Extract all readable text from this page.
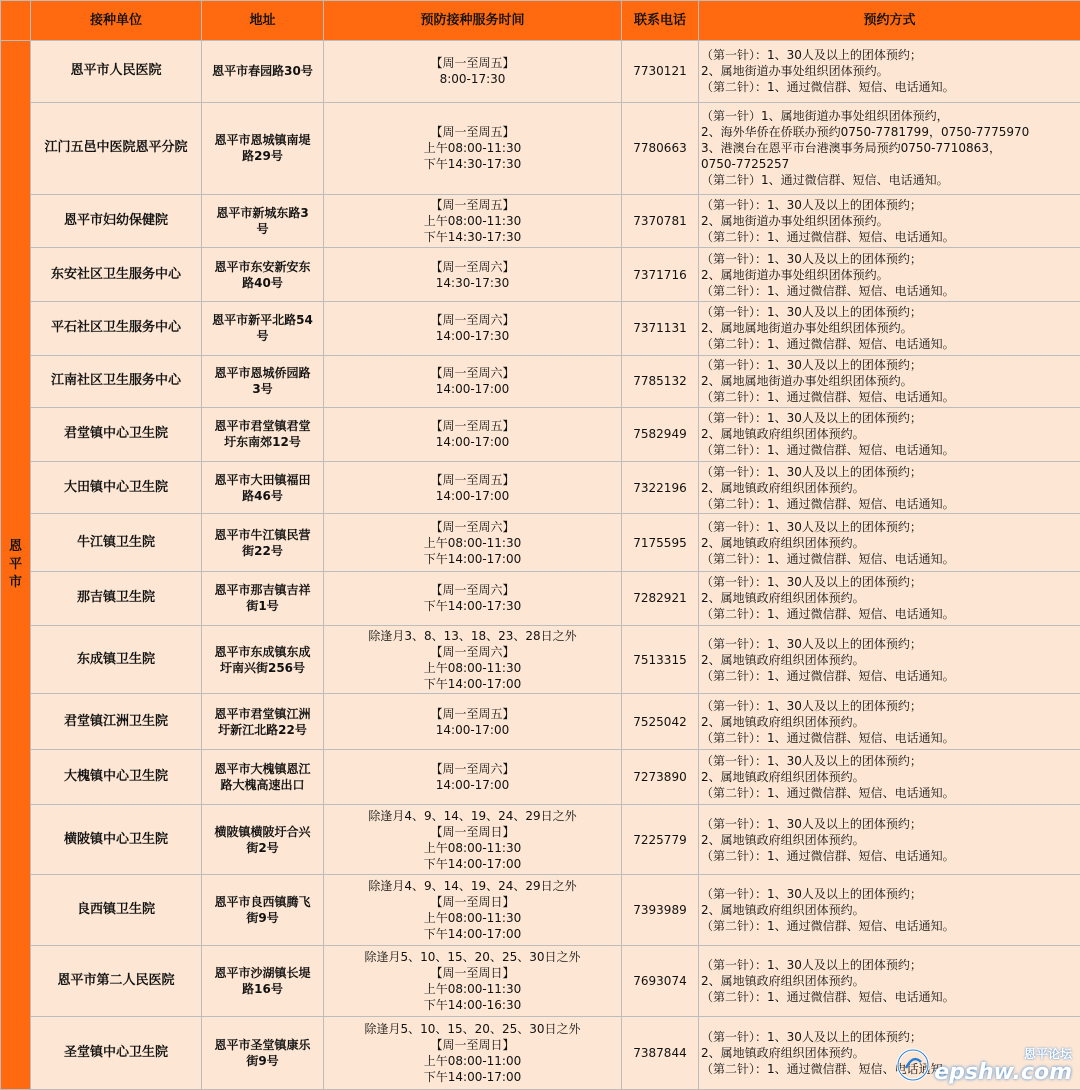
	接种单位	地址	预防接种服务时间	联系电话	预约方式
恩平市	恩平市人民医院	恩平市春园路30号	【周一至周五】
8:00-17:30	7730121	（第一针）：1、30人及以上的团体预约；
2、属地街道办事处组织团体预约。
（第二针）：1、通过微信群、短信、电话通知。

	江门五邑中医院恩平分院	恩平市恩城镇南堤
路29号	【周一至周五】
上午08:00-11:30
下午14:30-17:30	7780663	（第一针）1、属地街道办事处组织团体预约，
2、海外华侨在侨联办预约0750-7781799，0750-7775970
3、港澳台在恩平市台港澳事务局预约0750-7710863，
0750-7725257
（第二针）1、通过微信群、短信、电话通知。

	恩平市妇幼保健院	恩平市新城东路3
号	【周一至周五】
上午08:00-11:30
下午14:30-17:30	7370781	（第一针）：1、30人及以上的团体预约；
2、属地街道办事处组织团体预约。
（第二针）：1、通过微信群、短信、电话通知。

	东安社区卫生服务中心	恩平市东安新安东
路40号	【周一至周六】
14:30-17:30	7371716	（第一针）：1、30人及以上的团体预约；
2、属地街道办事处组织团体预约。
（第二针）：1、通过微信群、短信、电话通知。

	平石社区卫生服务中心	恩平市新平北路54
号	【周一至周六】
14:00-17:30	7371131	（第一针）：1、30人及以上的团体预约；
2、属地属地街道办事处组织团体预约。
（第二针）：1、通过微信群、短信、电话通知。

	江南社区卫生服务中心	恩平市恩城侨园路
3号	【周一至周六】
14:00-17:00	7785132	（第一针）：1、30人及以上的团体预约；
2、属地属地街道办事处组织团体预约。
（第二针）：1、通过微信群、短信、电话通知。

	君堂镇中心卫生院	恩平市君堂镇君堂
圩东南郊12号	【周一至周五】
14:00-17:00	7582949	（第一针）：1、30人及以上的团体预约；
2、属地镇政府组织团体预约。
（第二针）：1、通过微信群、短信、电话通知。

	大田镇中心卫生院	恩平市大田镇福田
路46号	【周一至周五】
14:00-17:00	7322196	（第一针）：1、30人及以上的团体预约；
2、属地镇政府组织团体预约。
（第二针）：1、通过微信群、短信、电话通知。

	牛江镇卫生院	恩平市牛江镇民营
街22号	【周一至周六】
上午08:00-11:30
下午14:00-17:00	7175595	（第一针）：1、30人及以上的团体预约；
2、属地镇政府组织团体预约。
（第二针）：1、通过微信群、短信、电话通知。

	那吉镇卫生院	恩平市那吉镇吉祥
街1号	【周一至周六】
下午14:00-17:30	7282921	（第一针）：1、30人及以上的团体预约；
2、属地镇政府组织团体预约。
（第二针）：1、通过微信群、短信、电话通知。

	东成镇卫生院	恩平市东成镇东成
圩南兴街256号	除逢月3、8、13、18、23、28日之外
【周一至周六】
上午08:00-11:30
下午14:00-17:00	7513315	（第一针）：1、30人及以上的团体预约；
2、属地镇政府组织团体预约。
（第二针）：1、通过微信群、短信、电话通知。

	君堂镇江洲卫生院	恩平市君堂镇江洲
圩新江北路22号	【周一至周五】
14:00-17:00	7525042	（第一针）：1、30人及以上的团体预约；
2、属地镇政府组织团体预约。
（第二针）：1、通过微信群、短信、电话通知。

	大槐镇中心卫生院	恩平市大槐镇恩江
路大槐高速出口	【周一至周六】
14:00-17:00	7273890	（第一针）：1、30人及以上的团体预约；
2、属地镇政府组织团体预约。
（第二针）：1、通过微信群、短信、电话通知。

	横陂镇中心卫生院	横陂镇横陂圩合兴
街2号	除逢月4、9、14、19、24、29日之外
【周一至周日】
上午08:00-11:30
下午14:00-17:00	7225779	（第一针）：1、30人及以上的团体预约；
2、属地镇政府组织团体预约。
（第二针）：1、通过微信群、短信、电话通知。

	良西镇卫生院	恩平市良西镇腾飞
街9号	除逢月4、9、14、19、24、29日之外
【周一至周日】
上午08:00-11:30
下午14:00-17:00	7393989	（第一针）：1、30人及以上的团体预约；
2、属地镇政府组织团体预约。
（第二针）：1、通过微信群、短信、电话通知。

	恩平市第二人民医院	恩平市沙湖镇长堤
路16号	除逢月5、10、15、20、25、30日之外
【周一至周日】
上午08:00-11:30
下午14:00-16:30	7693074	（第一针）：1、30人及以上的团体预约；
2、属地镇政府组织团体预约。
（第二针）：1、通过微信群、短信、电话通知。

	圣堂镇中心卫生院	恩平市圣堂镇康乐
街9号	除逢月5、10、15、20、25、30日之外
【周一至周日】
上午08:00-11:00
下午14:00-17:00	7387844	（第一针）：1、30人及以上的团体预约；
2、属地镇政府组织团体预约。
（第二针）：1、通过微信群、短信、电话通知。
恩平论坛
epshw.com
